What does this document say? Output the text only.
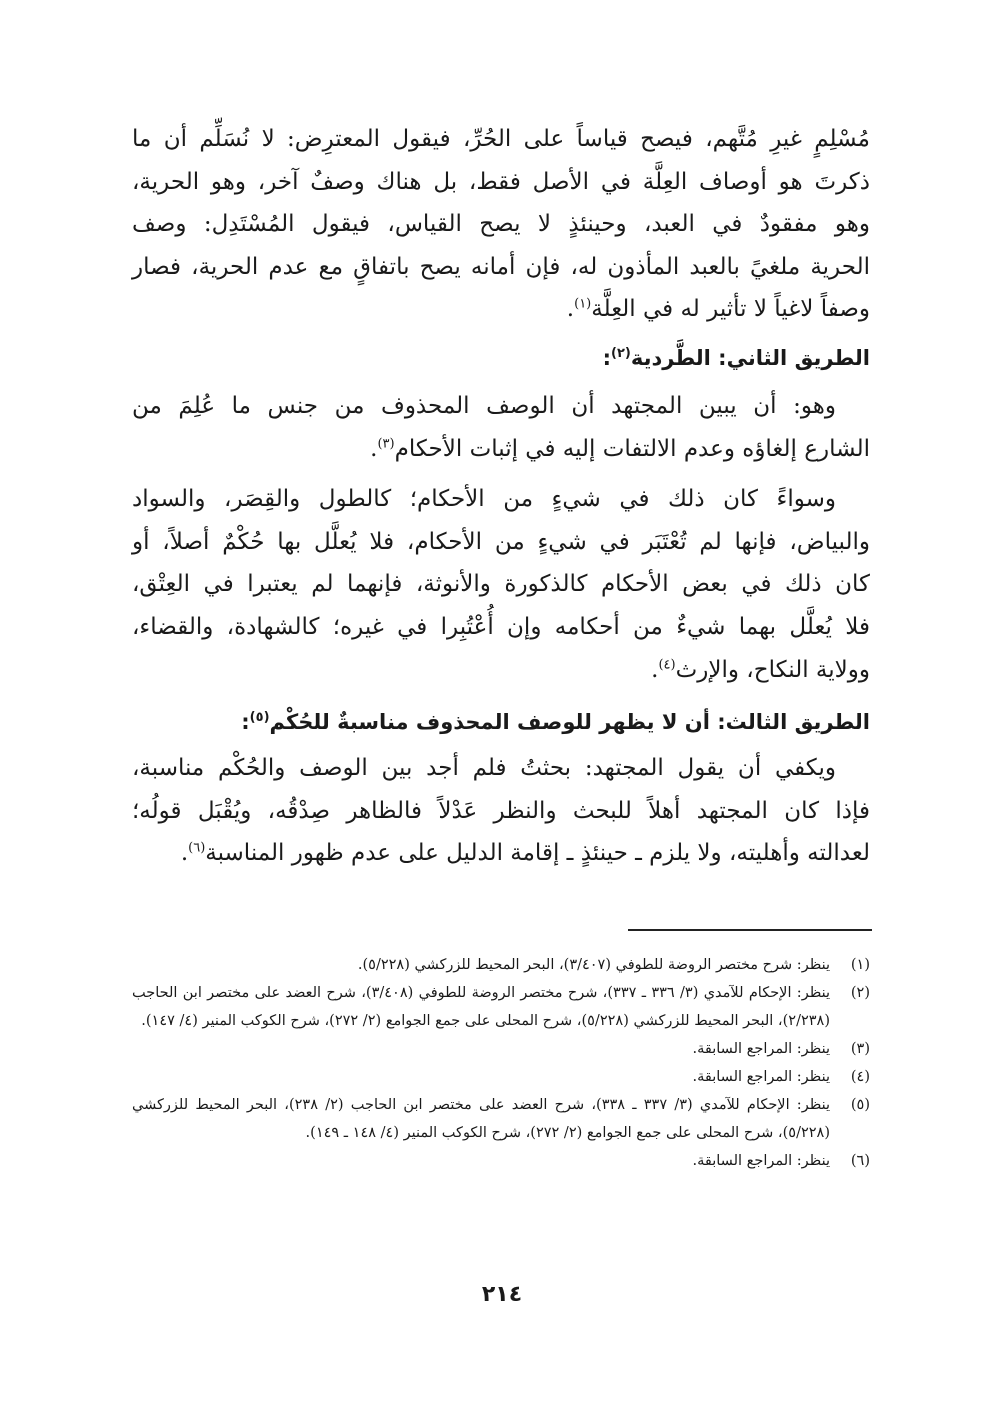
مُسْلِمٍ غيرِ مُتَّهم، فيصح قياساً على الحُرِّ، فيقول المعترِض: لا نُسَلِّم أن ما
ذكرتَ هو أوصاف العِلَّة في الأصل فقط، بل هناك وصفٌ آخر، وهو الحرية،
وهو مفقودٌ في العبد، وحينئذٍ لا يصح القياس، فيقول المُسْتَدِل: وصف
الحرية ملغيً بالعبد المأذون له، فإن أمانه يصح باتفاقٍ مع عدم الحرية، فصار
وصفاً لاغياً لا تأثير له في العِلَّة$^{(١)}$.

الطريق الثاني: الطَّردية$^{(٢)}$:

وهو: أن يبين المجتهد أن الوصف المحذوف من جنس ما عُلِمَ من
الشارع إلغاؤه وعدم الالتفات إليه في إثبات الأحكام$^{(٣)}$.

وسواءً كان ذلك في شيءٍ من الأحكام؛ كالطول والقِصَر، والسواد
والبياض، فإنها لم تُعْتَبَر في شيءٍ من الأحكام، فلا يُعلَّل بها حُكْمٌ أصلاً، أو
كان ذلك في بعض الأحكام كالذكورة والأنوثة، فإنهما لم يعتبرا في العِتْق،
فلا يُعلَّل بهما شيءٌ من أحكامه وإن أُعْتُبِرا في غيره؛ كالشهادة، والقضاء،
وولاية النكاح، والإرث$^{(٤)}$.

الطريق الثالث: أن لا يظهر للوصف المحذوف مناسبةٌ للحُكْم$^{(٥)}$:

ويكفي أن يقول المجتهد: بحثتُ فلم أجد بين الوصف والحُكْم مناسبة،
فإذا كان المجتهد أهلاً للبحث والنظر عَدْلاً فالظاهر صِدْقُه، ويُقْبَل قولُه؛
لعدالته وأهليته، ولا يلزم ـ حينئذٍ ـ إقامة الدليل على عدم ظهور المناسبة$^{(٦)}$.

(١)
ينظر: شرح مختصر الروضة للطوفي (٣/٤٠٧)، البحر المحيط للزركشي (٥/٢٢٨).
(٢)
ينظر: الإحكام للآمدي (٣/ ٣٣٦ ـ ٣٣٧)، شرح مختصر الروضة للطوفي (٣/٤٠٨)، شرح العضد على مختصر ابن الحاجب (٢/٢٣٨)، البحر المحيط للزركشي (٥/٢٢٨)، شرح المحلى على جمع الجوامع (٢/ ٢٧٢)، شرح الكوكب المنير (٤/ ١٤٧).
(٣)
ينظر: المراجع السابقة.
(٤)
ينظر: المراجع السابقة.
(٥)
ينظر: الإحكام للآمدي (٣/ ٣٣٧ ـ ٣٣٨)، شرح العضد على مختصر ابن الحاجب (٢/ ٢٣٨)، البحر المحيط للزركشي (٥/٢٢٨)، شرح المحلى على جمع الجوامع (٢/ ٢٧٢)، شرح الكوكب المنير (٤/ ١٤٨ ـ ١٤٩).
(٦)
ينظر: المراجع السابقة.
٢١٤
